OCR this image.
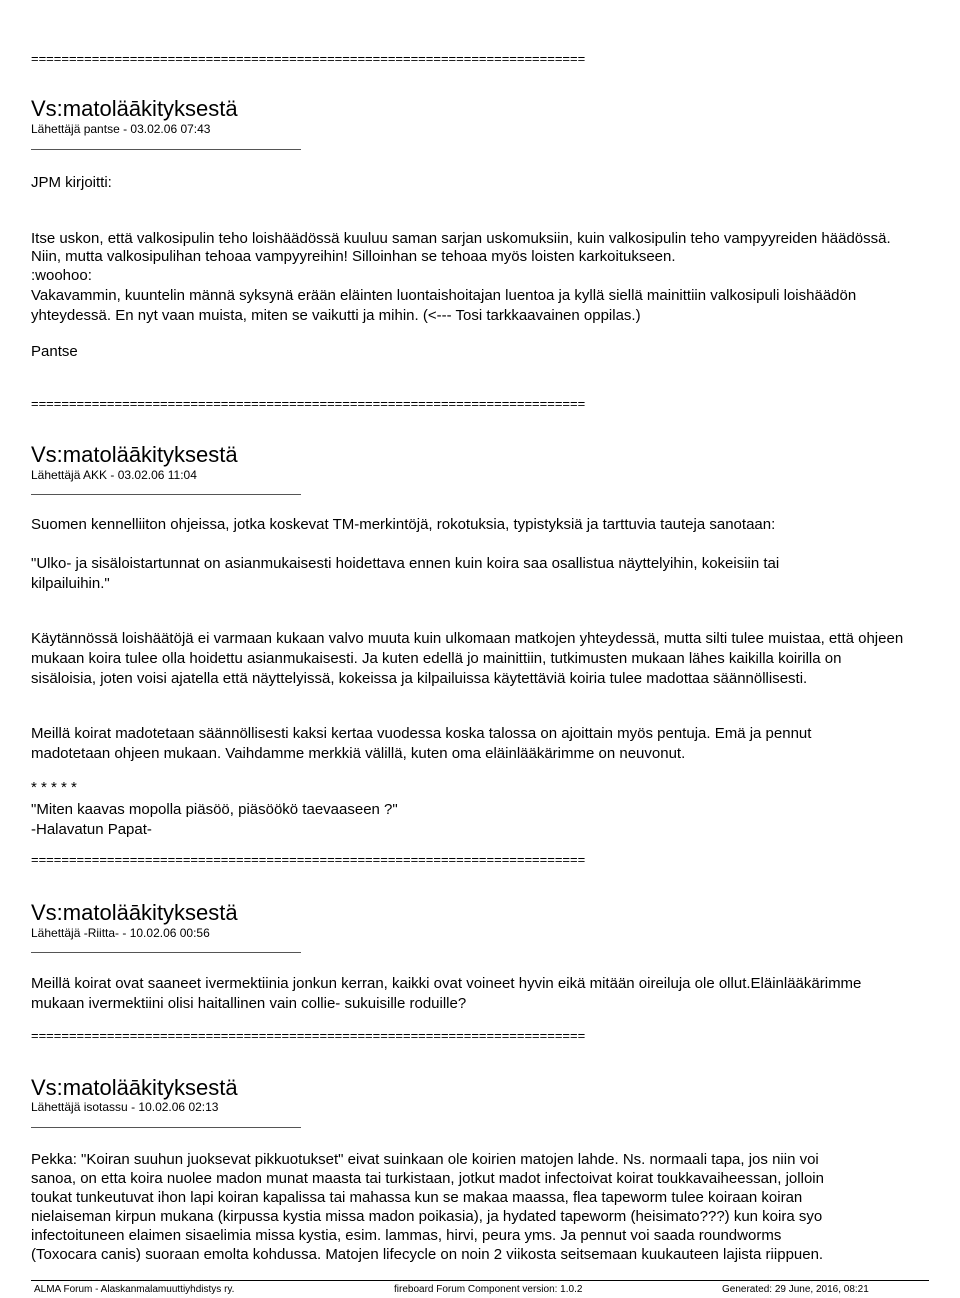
=========================================================================
Vs:matoläākityksestä
Lähettäjä pantse - 03.02.06 07:43
JPM kirjoitti:
Itse uskon, että valkosipulin teho loishäädössä kuuluu saman sarjan uskomuksiin, kuin valkosipulin teho vampyyreiden häädössä.
Niin, mutta valkosipulihan tehoaa vampyyreihin! Silloinhan se tehoaa myös loisten karkoitukseen.
:woohoo:
Vakavammin, kuuntelin männä syksynä erään eläinten luontaishoitajan luentoa ja kyllä siellä mainittiin valkosipuli loishäädön
yhteydessä. En nyt vaan muista, miten se vaikutti ja mihin. (<--- Tosi tarkkaavainen oppilas.)
Pantse
=========================================================================
Vs:matoläākityksestä
Lähettäjä AKK - 03.02.06 11:04
Suomen kennelliiton ohjeissa, jotka koskevat TM-merkintöjä, rokotuksia, typistyksiä ja tarttuvia tauteja sanotaan:
"Ulko- ja sisäloistartunnat on asianmukaisesti hoidettava ennen kuin koira saa osallistua näyttelyihin, kokeisiin tai
kilpailuihin."
Käytännössä loishäätöjä ei varmaan kukaan valvo muuta kuin ulkomaan matkojen yhteydessä, mutta silti tulee muistaa, että ohjeen
mukaan koira tulee olla hoidettu asianmukaisesti. Ja kuten edellä jo mainittiin, tutkimusten mukaan lähes kaikilla koirilla on
sisäloisia, joten voisi ajatella että näyttelyissä, kokeissa ja kilpailuissa käytettäviä koiria tulee madottaa säännöllisesti.
Meillä koirat madotetaan säännöllisesti kaksi kertaa vuodessa koska talossa on ajoittain myös pentuja. Emä ja pennut
madotetaan ohjeen mukaan. Vaihdamme merkkiä välillä, kuten oma eläinlääkärimme on neuvonut.
* * * * *
"Miten kaavas mopolla piäsöö, piäsöökö taevaaseen ?"
-Halavatun Papat-
=========================================================================
Vs:matoläākityksestä
Lähettäjä -Riitta- - 10.02.06 00:56
Meillä koirat ovat saaneet ivermektiinia jonkun kerran, kaikki ovat voineet hyvin eikä mitään oireiluja ole ollut.Eläinlääkärimme
mukaan ivermektiini olisi haitallinen vain collie- sukuisille roduille?
=========================================================================
Vs:matoläākityksestä
Lähettäjä isotassu - 10.02.06 02:13
Pekka: "Koiran suuhun juoksevat pikkuotukset" eivat suinkaan ole koirien matojen lahde. Ns. normaali tapa, jos niin voi
sanoa, on etta koira nuolee madon munat maasta tai turkistaan, jotkut madot infectoivat koirat toukkavaiheessan, jolloin
toukat tunkeutuvat ihon lapi koiran kapalissa tai mahassa kun se makaa maassa, flea tapeworm tulee koiraan koiran
nielaiseman kirpun mukana (kirpussa kystia missa madon poikasia), ja hydated tapeworm (heisimato???) kun koira syo
infectoituneen elaimen sisaelimia missa kystia, esim. lammas, hirvi, peura yms. Ja pennut voi saada roundworms
(Toxocara canis) suoraan emolta kohdussa. Matojen lifecycle on noin 2 viikosta seitsemaan kuukauteen lajista riippuen.
ALMA Forum - Alaskanmalamuuttiyhdistys ry.	fireboard Forum Component version: 1.0.2	Generated: 29 June, 2016, 08:21
